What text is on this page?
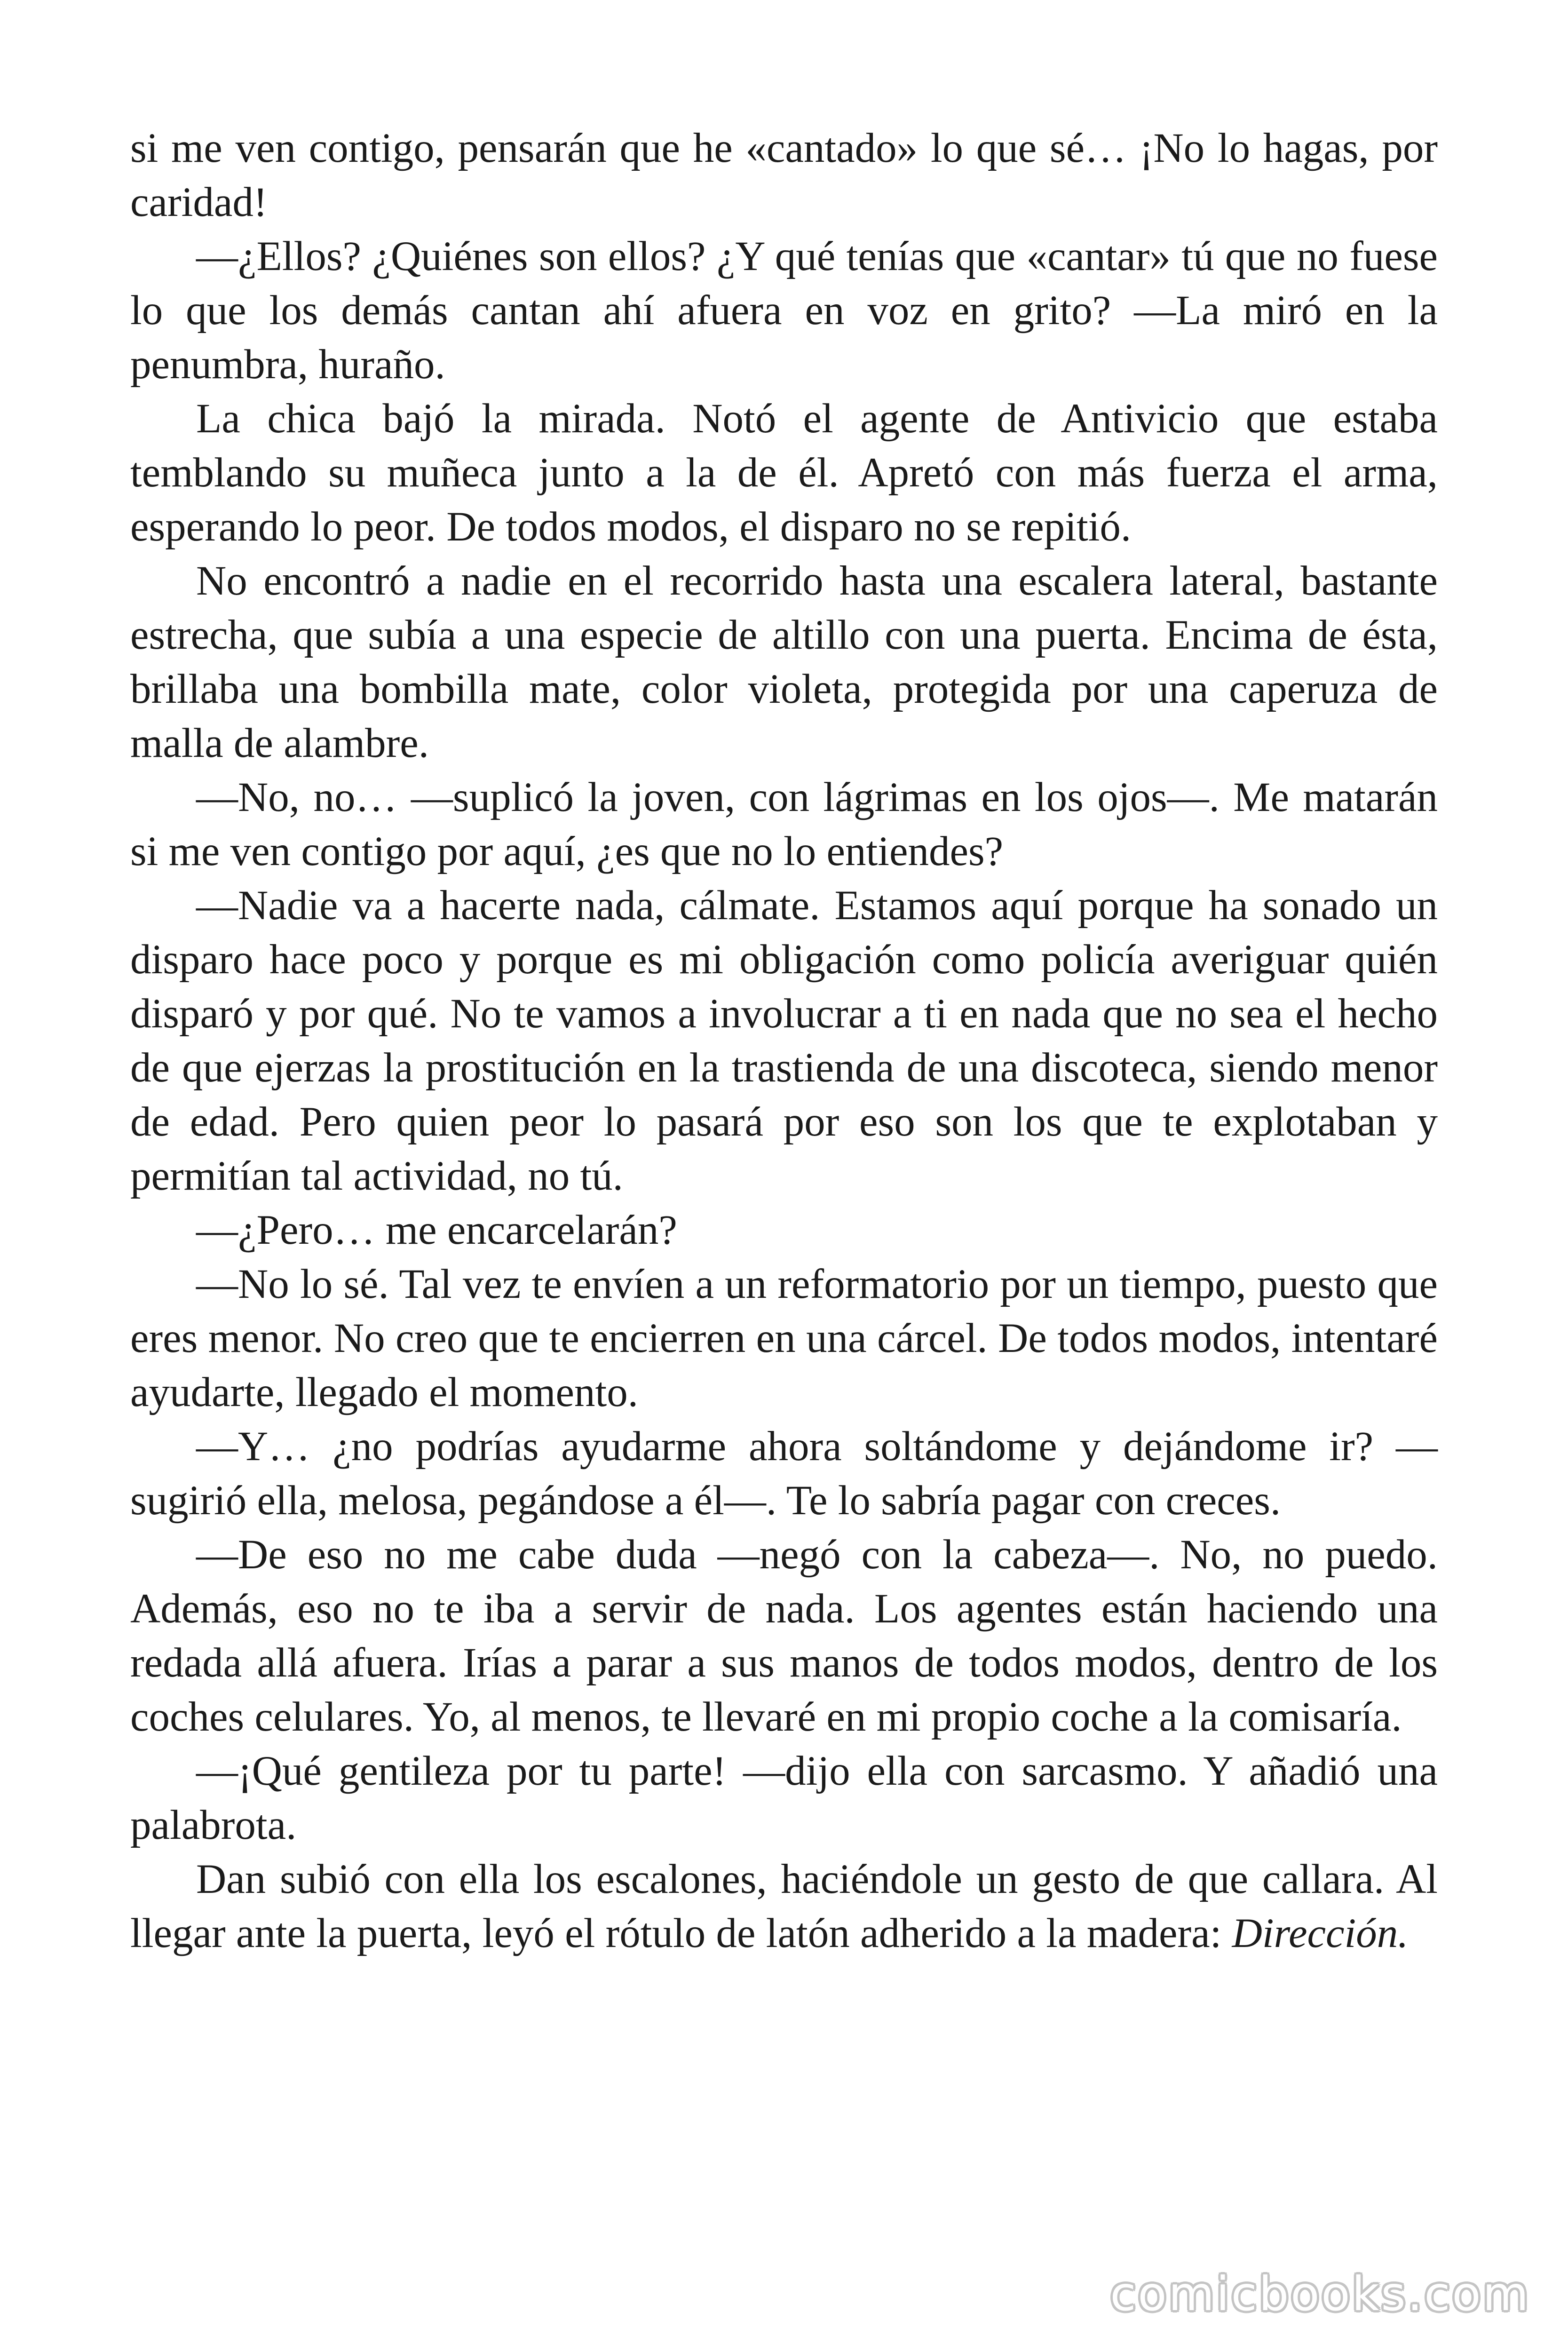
si me ven contigo, pensarán que he «cantado» lo que sé… ¡No lo hagas, por caridad!

—¿Ellos? ¿Quiénes son ellos? ¿Y qué tenías que «cantar» tú que no fuese lo que los demás cantan ahí afuera en voz en grito? —La miró en la penumbra, huraño.

La chica bajó la mirada. Notó el agente de Antivicio que estaba temblando su muñeca junto a la de él. Apretó con más fuerza el arma, esperando lo peor. De todos modos, el disparo no se repitió.

No encontró a nadie en el recorrido hasta una escalera lateral, bastante estrecha, que subía a una especie de altillo con una puerta. Encima de ésta, brillaba una bombilla mate, color violeta, protegida por una caperuza de malla de alambre.

—No, no… —suplicó la joven, con lágrimas en los ojos—. Me matarán si me ven contigo por aquí, ¿es que no lo entiendes?

—Nadie va a hacerte nada, cálmate. Estamos aquí porque ha sonado un disparo hace poco y porque es mi obligación como policía averiguar quién disparó y por qué. No te vamos a involucrar a ti en nada que no sea el hecho de que ejerzas la prostitución en la trastienda de una discoteca, siendo menor de edad. Pero quien peor lo pasará por eso son los que te explotaban y permitían tal actividad, no tú.

—¿Pero… me encarcelarán?

—No lo sé. Tal vez te envíen a un reformatorio por un tiempo, puesto que eres menor. No creo que te encierren en una cárcel. De todos modos, intentaré ayudarte, llegado el momento.

—Y… ¿no podrías ayudarme ahora soltándome y dejándome ir? —sugirió ella, melosa, pegándose a él—. Te lo sabría pagar con creces.

—De eso no me cabe duda —negó con la cabeza—. No, no puedo. Además, eso no te iba a servir de nada. Los agentes están haciendo una redada allá afuera. Irías a parar a sus manos de todos modos, dentro de los coches celulares. Yo, al menos, te llevaré en mi propio coche a la comisaría.

—¡Qué gentileza por tu parte! —dijo ella con sarcasmo. Y añadió una palabrota.

Dan subió con ella los escalones, haciéndole un gesto de que callara. Al llegar ante la puerta, leyó el rótulo de latón adherido a la madera: Dirección.

comicbooks.com
